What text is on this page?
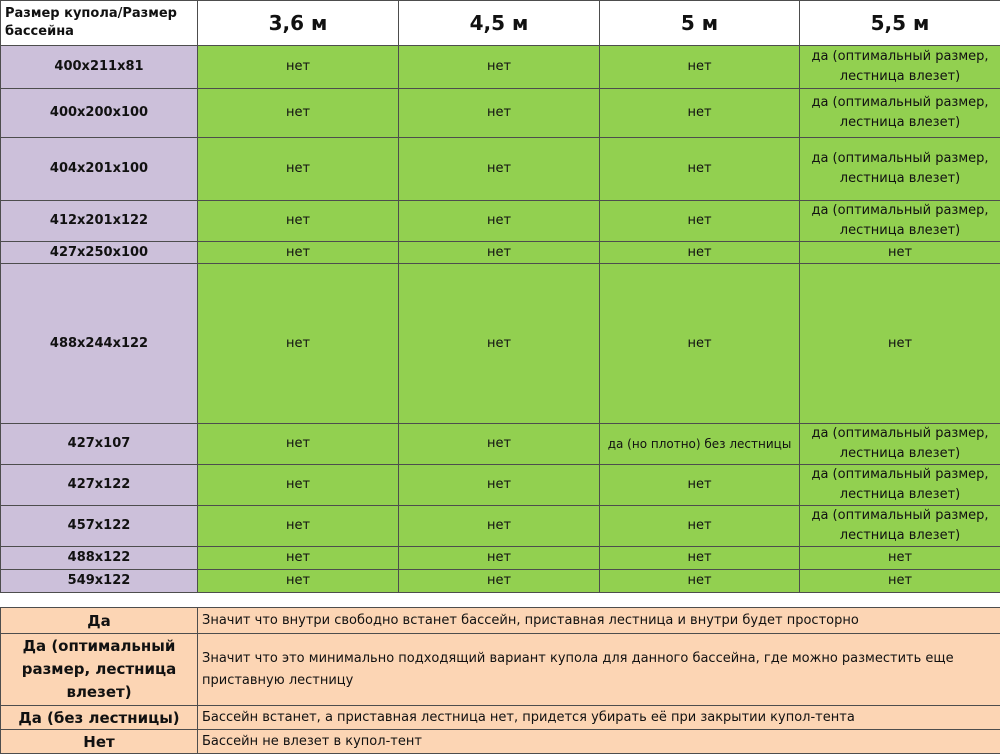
Размер купола/Размер бассейна	3,6 м	4,5 м	5 м	5,5 м
400x211x81	нет	нет	нет	да (оптимальный размер, лестница влезет)
400x200x100	нет	нет	нет	да (оптимальный размер, лестница влезет)
404x201x100	нет	нет	нет	да (оптимальный размер, лестница влезет)
412x201x122	нет	нет	нет	да (оптимальный размер, лестница влезет)
427x250x100	нет	нет	нет	нет
488x244x122	нет	нет	нет	нет
427x107	нет	нет	да (но плотно) без лестницы	да (оптимальный размер, лестница влезет)
427x122	нет	нет	нет	да (оптимальный размер, лестница влезет)
457x122	нет	нет	нет	да (оптимальный размер, лестница влезет)
488x122	нет	нет	нет	нет
549x122	нет	нет	нет	нет
Да	Значит что внутри свободно встанет бассейн, приставная лестница и внутри будет просторно
Да (оптимальный размер, лестница влезет)	Значит что это минимально подходящий вариант купола для данного бассейна, где можно разместить еще приставную лестницу
Да (без лестницы)	Бассейн встанет, а приставная лестница нет, придется убирать её при закрытии купол-тента
Нет	Бассейн не влезет в купол-тент
